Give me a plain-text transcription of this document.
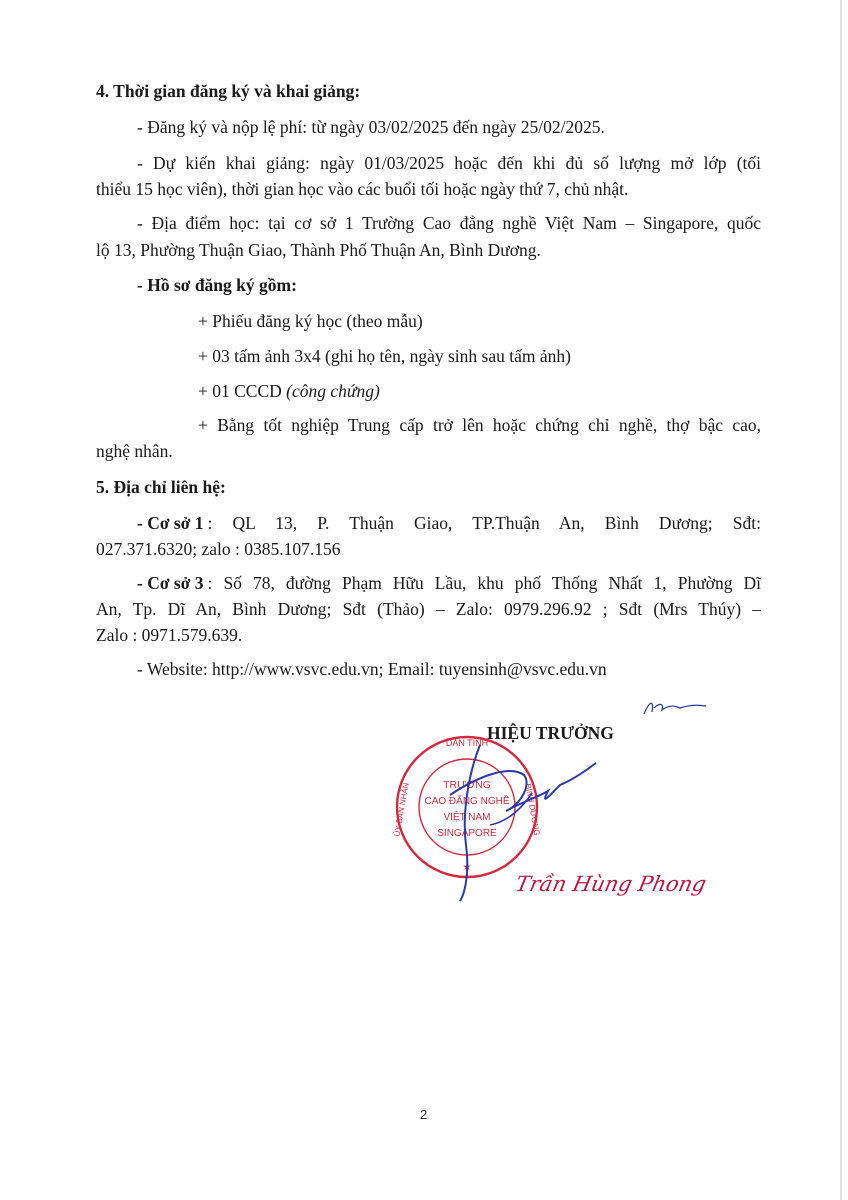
4. Thời gian đăng ký và khai giảng:
- Đăng ký và nộp lệ phí: từ ngày 03/02/2025 đến ngày 25/02/2025.
- Dự kiến khai giảng: ngày 01/03/2025 hoặc đến khi đủ số lượng mở lớp (tối
thiểu 15 học viên), thời gian học vào các buổi tối hoặc ngày thứ 7, chủ nhật.
- Địa điểm học: tại cơ sở 1 Trường Cao đẳng nghề Việt Nam – Singapore, quốc
lộ 13, Phường Thuận Giao, Thành Phố Thuận An, Bình Dương.
- Hồ sơ đăng ký gồm:
+ Phiếu đăng ký học (theo mẫu)
+ 03 tấm ảnh 3x4 (ghi họ tên, ngày sinh sau tấm ảnh)
+ 01 CCCD (công chứng)
+ Bằng tốt nghiệp Trung cấp trở lên hoặc chứng chỉ nghề, thợ bậc cao,
nghệ nhân.
5. Địa chỉ liên hệ:
- Cơ sở 1 : QL 13, P. Thuận Giao, TP.Thuận An, Bình Dương; Sđt:
027.371.6320; zalo : 0385.107.156
- Cơ sở 3 : Số 78, đường Phạm Hữu Lầu, khu phố Thống Nhất 1, Phường Dĩ
An, Tp. Dĩ An, Bình Dương; Sđt (Thảo) – Zalo: 0979.296.92 ; Sđt (Mrs Thúy) –
Zalo : 0971.579.639.
- Website: http://www.vsvc.edu.vn; Email: tuyensinh@vsvc.edu.vn
HIỆU TRƯỞNG
DÂN TỈNH
ỦY BAN NHÂN	BÌNH DƯƠNG
TRƯỜNG
CAO ĐẲNG NGHỀ
VIỆT NAM
SINGAPORE
★
Trần Hùng Phong
2
